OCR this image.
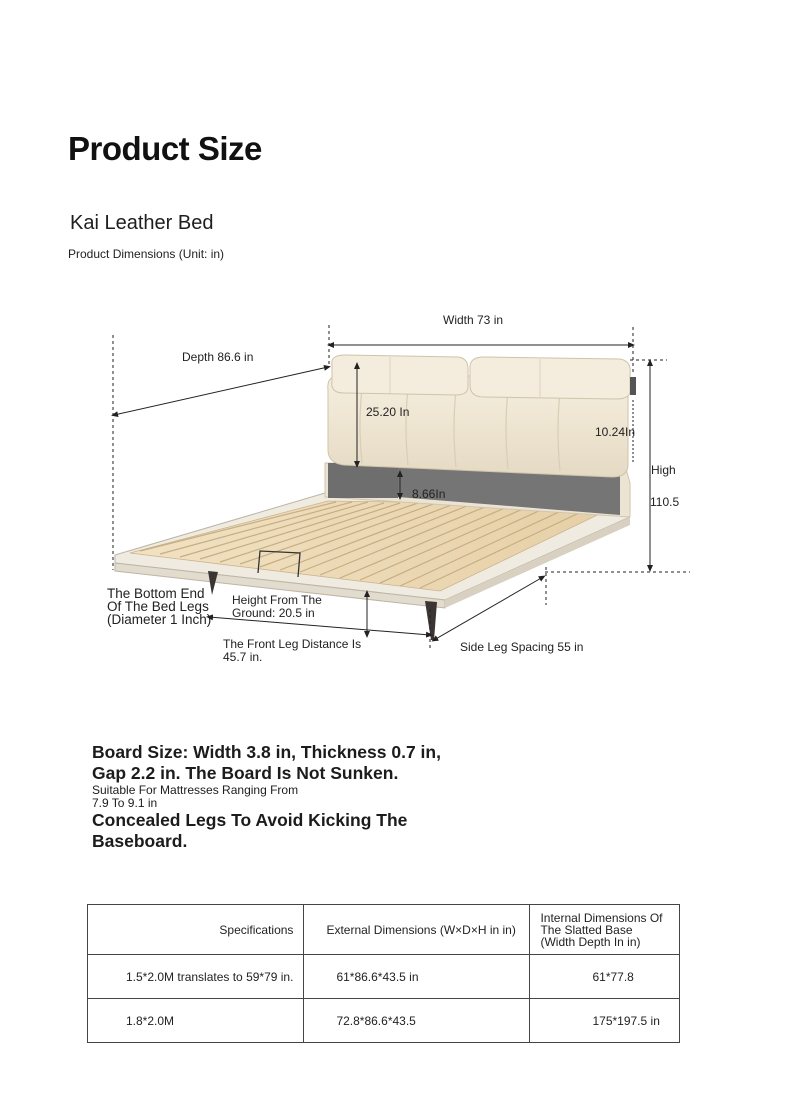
Product Size
Kai Leather Bed
Product Dimensions (Unit: in)
Width 73 in
Depth 86.6 in
25.20 In
10.24In
8.66In
High
110.5
The Bottom End Of The Bed Legs (Diameter 1 Inch)
Height From The Ground: 20.5 in
The Front Leg Distance Is 45.7 in.
Side Leg Spacing 55 in

Board Size: Width 3.8 in, Thickness 0.7 in, Gap 2.2 in. The Board Is Not Sunken.

Suitable For Mattresses Ranging From 7.9 To 9.1 in

Concealed Legs To Avoid Kicking The Baseboard.

Specifications	External Dimensions (W×D×H in in)	Internal Dimensions Of The Slatted Base (Width Depth In in)
1.5*2.0M translates to 59*79 in.	61*86.6*43.5 in	61*77.8
1.8*2.0M	72.8*86.6*43.5	175*197.5 in
